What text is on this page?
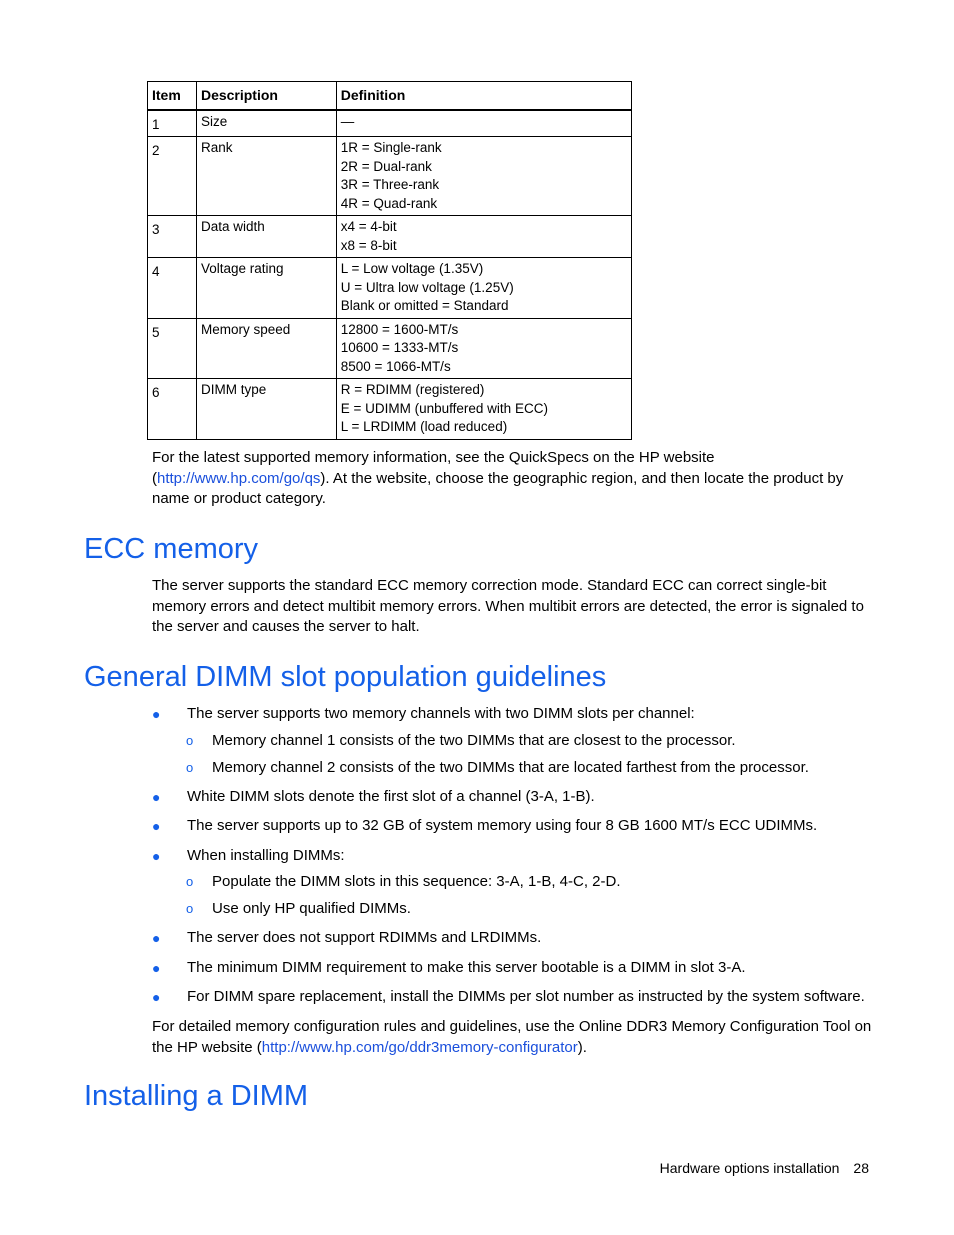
Item	Description	Definition
1	Size	—

2	Rank	1R = Single-rank
2R = Dual-rank
3R = Three-rank
4R = Quad-rank

3	Data width	x4 = 4-bit
x8 = 8-bit

4	Voltage rating	L = Low voltage (1.35V)
U = Ultra low voltage (1.25V)
Blank or omitted = Standard

5	Memory speed	12800 = 1600-MT/s
10600 = 1333-MT/s
8500 = 1066-MT/s

6	DIMM type	R = RDIMM (registered)
E = UDIMM (unbuffered with ECC)
L = LRDIMM (load reduced)
For the latest supported memory information, see the QuickSpecs on the HP website (http://www.hp.com/go/qs). At the website, choose the geographic region, and then locate the product by name or product category.
ECC memory
The server supports the standard ECC memory correction mode. Standard ECC can correct single-bit memory errors and detect multibit memory errors. When multibit errors are detected, the error is signaled to the server and causes the server to halt.
General DIMM slot population guidelines
● The server supports two memory channels with two DIMM slots per channel:
o	Memory channel 1 consists of the two DIMMs that are closest to the processor.
o	Memory channel 2 consists of the two DIMMs that are located farthest from the processor.
● White DIMM slots denote the first slot of a channel (3-A, 1-B).
● The server supports up to 32 GB of system memory using four 8 GB 1600 MT/s ECC UDIMMs.
● When installing DIMMs:
o	Populate the DIMM slots in this sequence: 3-A, 1-B, 4-C, 2-D.
o	Use only HP qualified DIMMs.
● The server does not support RDIMMs and LRDIMMs.
● The minimum DIMM requirement to make this server bootable is a DIMM in slot 3-A.
● For DIMM spare replacement, install the DIMMs per slot number as instructed by the system software.
For detailed memory configuration rules and guidelines, use the Online DDR3 Memory Configuration Tool on the HP website (http://www.hp.com/go/ddr3memory-configurator).
Installing a DIMM
Hardware options installation 28
